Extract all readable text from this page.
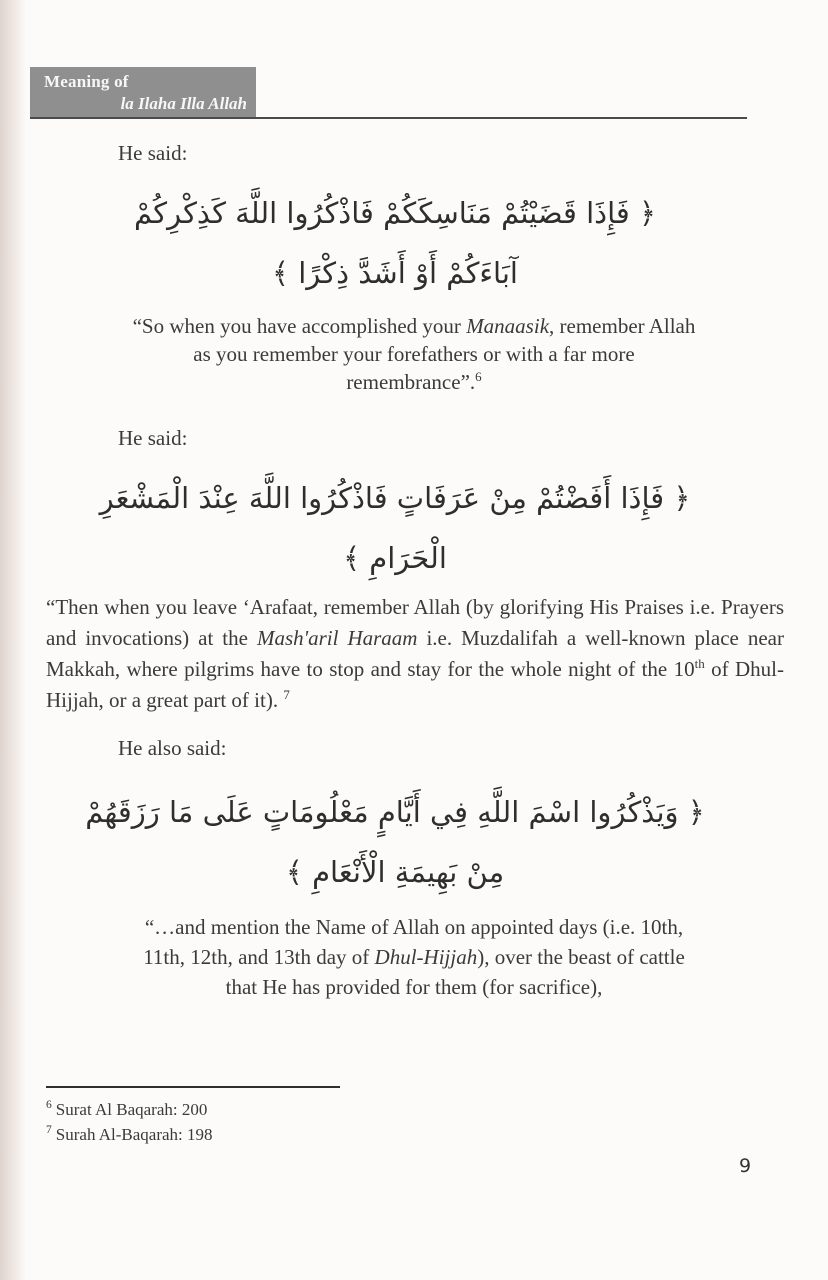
Meaning of
la Ilaha Illa Allah
He said:
﴿ فَإِذَا قَضَيْتُمْ مَنَاسِكَكُمْ فَاذْكُرُوا اللَّهَ كَذِكْرِكُمْ
آبَاءَكُمْ أَوْ أَشَدَّ ذِكْرًا ﴾
“So when you have accomplished your Manaasik, remember Allah as you remember your forefathers or with a far more remembrance”.$^6$
He said:
﴿ فَإِذَا أَفَضْتُمْ مِنْ عَرَفَاتٍ فَاذْكُرُوا اللَّهَ عِنْدَ الْمَشْعَرِ
الْحَرَامِ ﴾
“Then when you leave ‘Arafaat, remember Allah (by glorifying His Praises i.e. Prayers and invocations) at the Mash'aril Haraam i.e. Muzdalifah a well-known place near Makkah, where pilgrims have to stop and stay for the whole night of the 10th of Dhul-Hijjah, or a great part of it). $^7$
He also said:
﴿ وَيَذْكُرُوا اسْمَ اللَّهِ فِي أَيَّامٍ مَعْلُومَاتٍ عَلَى مَا رَزَقَهُمْ
مِنْ بَهِيمَةِ الْأَنْعَامِ ﴾
“…and mention the Name of Allah on appointed days (i.e. 10th, 11th, 12th, and 13th day of Dhul-Hijjah), over the beast of cattle that He has provided for them (for sacrifice),
$^6$ Surat Al Baqarah: 200
$^7$ Surah Al-Baqarah: 198
9
